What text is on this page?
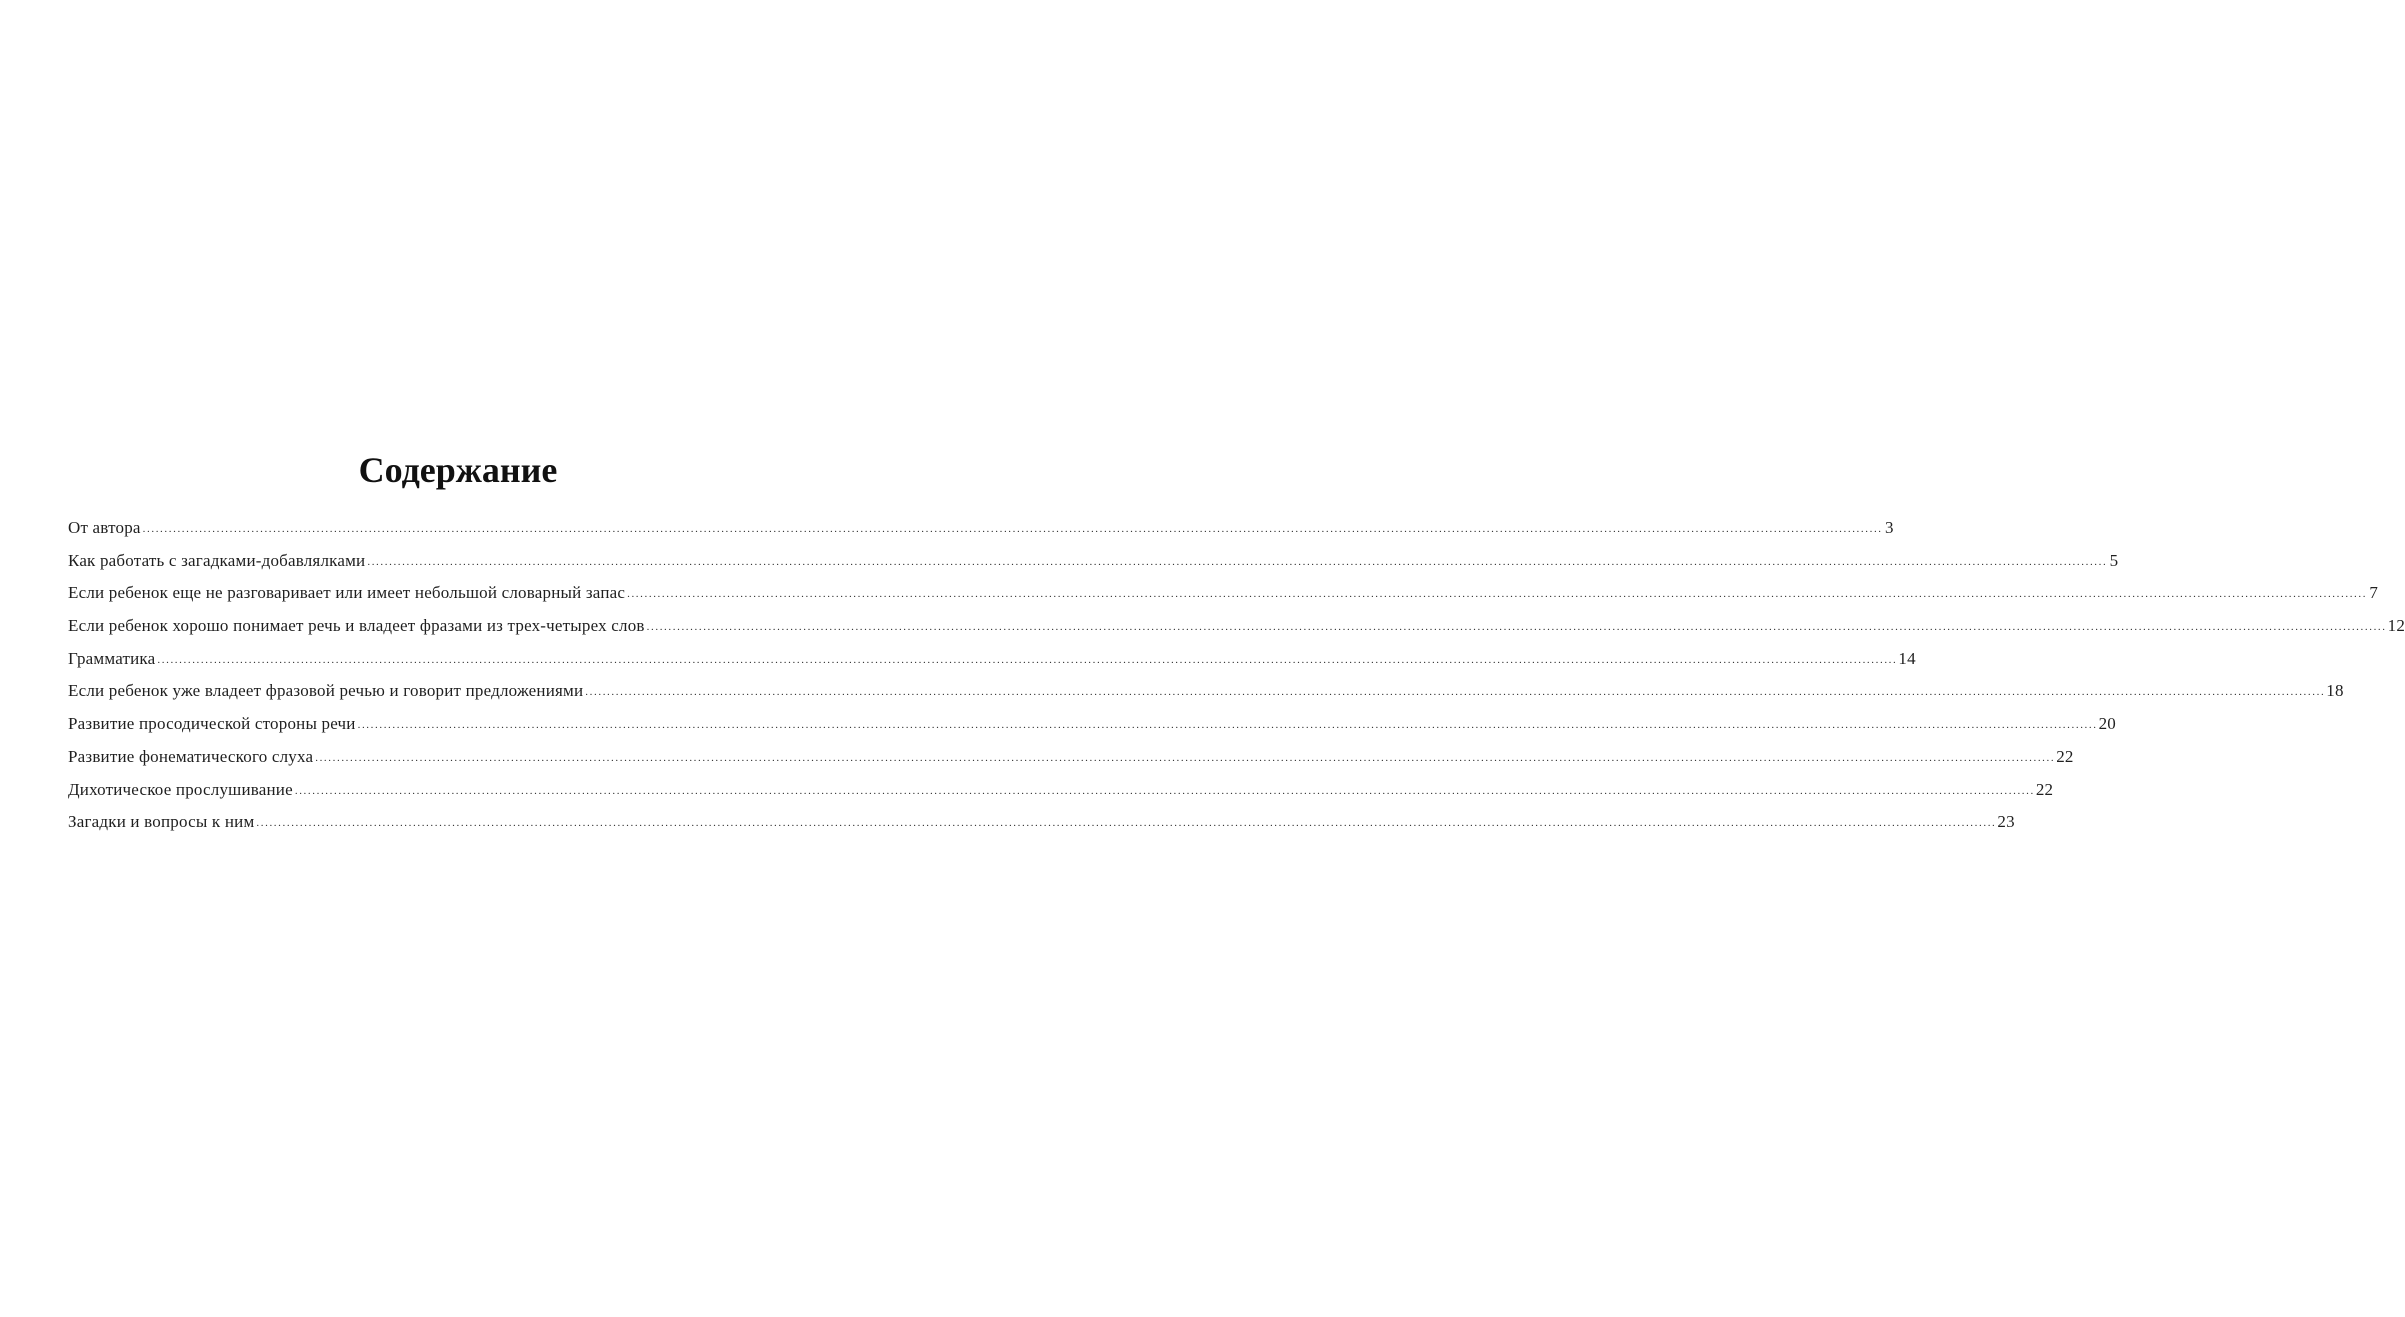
Содержание
От автора ................................................................................................................................................................................................................................................................................................................................................................................................................ 3
Как работать с загадками-добавлялками ................................................................................................................................................................................................................................................................................................................................................................................................................ 5
Если ребенок еще не разговаривает или имеет небольшой словарный запас ................................................................................................................................................................................................................................................................................................................................................................................................................ 7
Если ребенок хорошо понимает речь и владеет фразами из трех-четырех слов ................................................................................................................................................................................................................................................................................................................................................................................................................ 12
Грамматика ................................................................................................................................................................................................................................................................................................................................................................................................................ 14
Если ребенок уже владеет фразовой речью и говорит предложениями ................................................................................................................................................................................................................................................................................................................................................................................................................ 18
Развитие просодической стороны речи ................................................................................................................................................................................................................................................................................................................................................................................................................ 20
Развитие фонематического слуха ................................................................................................................................................................................................................................................................................................................................................................................................................ 22
Дихотическое прослушивание ................................................................................................................................................................................................................................................................................................................................................................................................................ 22
Загадки и вопросы к ним ................................................................................................................................................................................................................................................................................................................................................................................................................ 23
